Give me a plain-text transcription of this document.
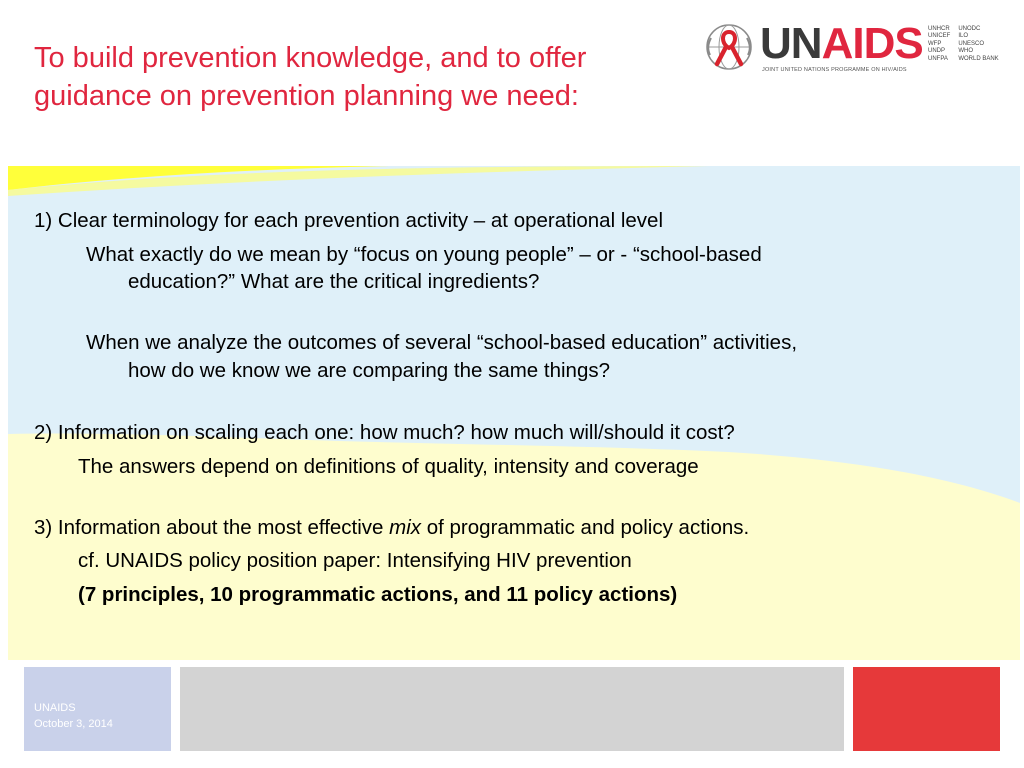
To build prevention knowledge, and to offer
guidance on prevention planning we need:
UNAIDS
JOINT UNITED NATIONS PROGRAMME ON HIV/AIDS
UNHCR
UNICEF
WFP
UNDP
UNFPA
UNODC
ILO
UNESCO
WHO
WORLD BANK

1) Clear terminology for each prevention activity – at operational level

What exactly do we mean by “focus on young people” – or - “school-based

education?” What are the critical ingredients?

When we analyze the outcomes of several “school-based education” activities,

how do we know we are comparing the same things?

2) Information on scaling each one: how much? how much will/should it cost?

The answers depend on definitions of quality, intensity and coverage

3) Information about the most effective mix of programmatic and policy actions.

cf. UNAIDS policy position paper: Intensifying HIV prevention

(7 principles, 10 programmatic actions, and 11 policy actions)

UNAIDS
October 3, 2014
